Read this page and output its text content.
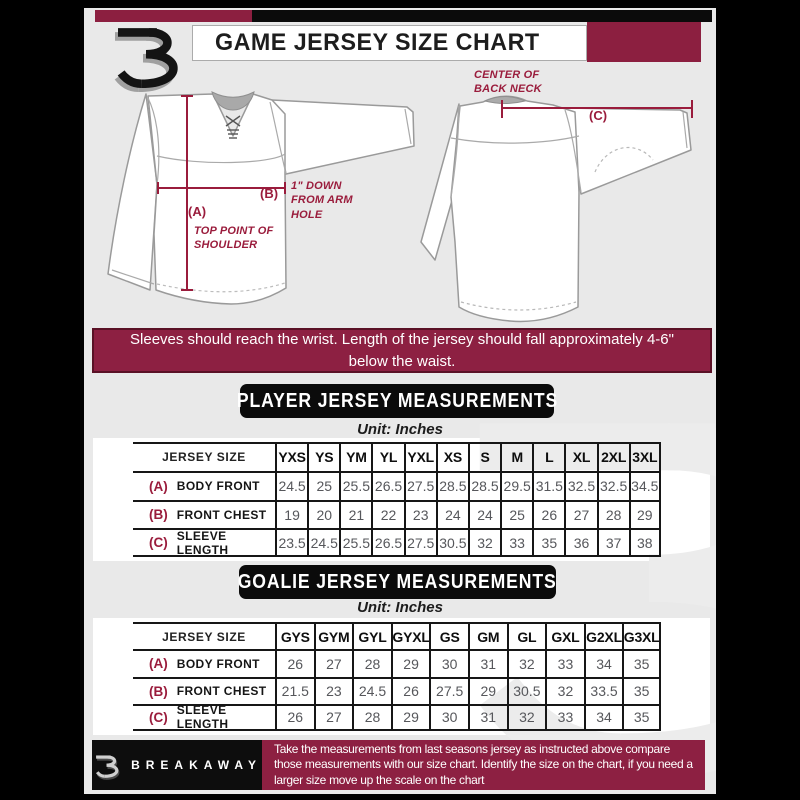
GAME JERSEY SIZE CHART
(A)
TOP POINT OF SHOULDER
(B) 1" DOWN FROM ARM HOLE
CENTER OF BACK NECK
(C)
Sleeves should reach the wrist. Length of the jersey should fall approximately 4-6" below the waist.
PLAYER JERSEY MEASUREMENTS
Unit: Inches
JERSEY SIZE	YXS YS YM YL YXL XS	S	M	L	XL 2XL 3XL
(A) BODY FRONT 24.5 25 25.5 26.5 27.5 28.5 28.5 29.5 31.5 32.5 32.5 34.5
(B) FRONT CHEST	19	20	21	22	23	24	24	25	26	27	28	29
(C) SLEEVE LENGTH	23.5 24.5 25.5 26.5 27.5 30.5 32	33	35	36	37	38
GOALIE JERSEY MEASUREMENTS
Unit: Inches
JERSEY SIZE	GYS GYM GYL GYXL GS	GM	GL	GXL G2XL G3XL
(A) BODY FRONT	26	27	28	29	30	31	32	33	34	35
(B) FRONT CHEST	21.5	23	24.5	26	27.5	29	30.5	32	33.5	35
(C) SLEEVE LENGTH	26	27	28	29	30	31	32	33	34	35
BREAKAWAY
Take the measurements from last seasons jersey as instructed above compare those measurements with our size chart. Identify the size on the chart, if you need a larger size move up the scale on the chart
